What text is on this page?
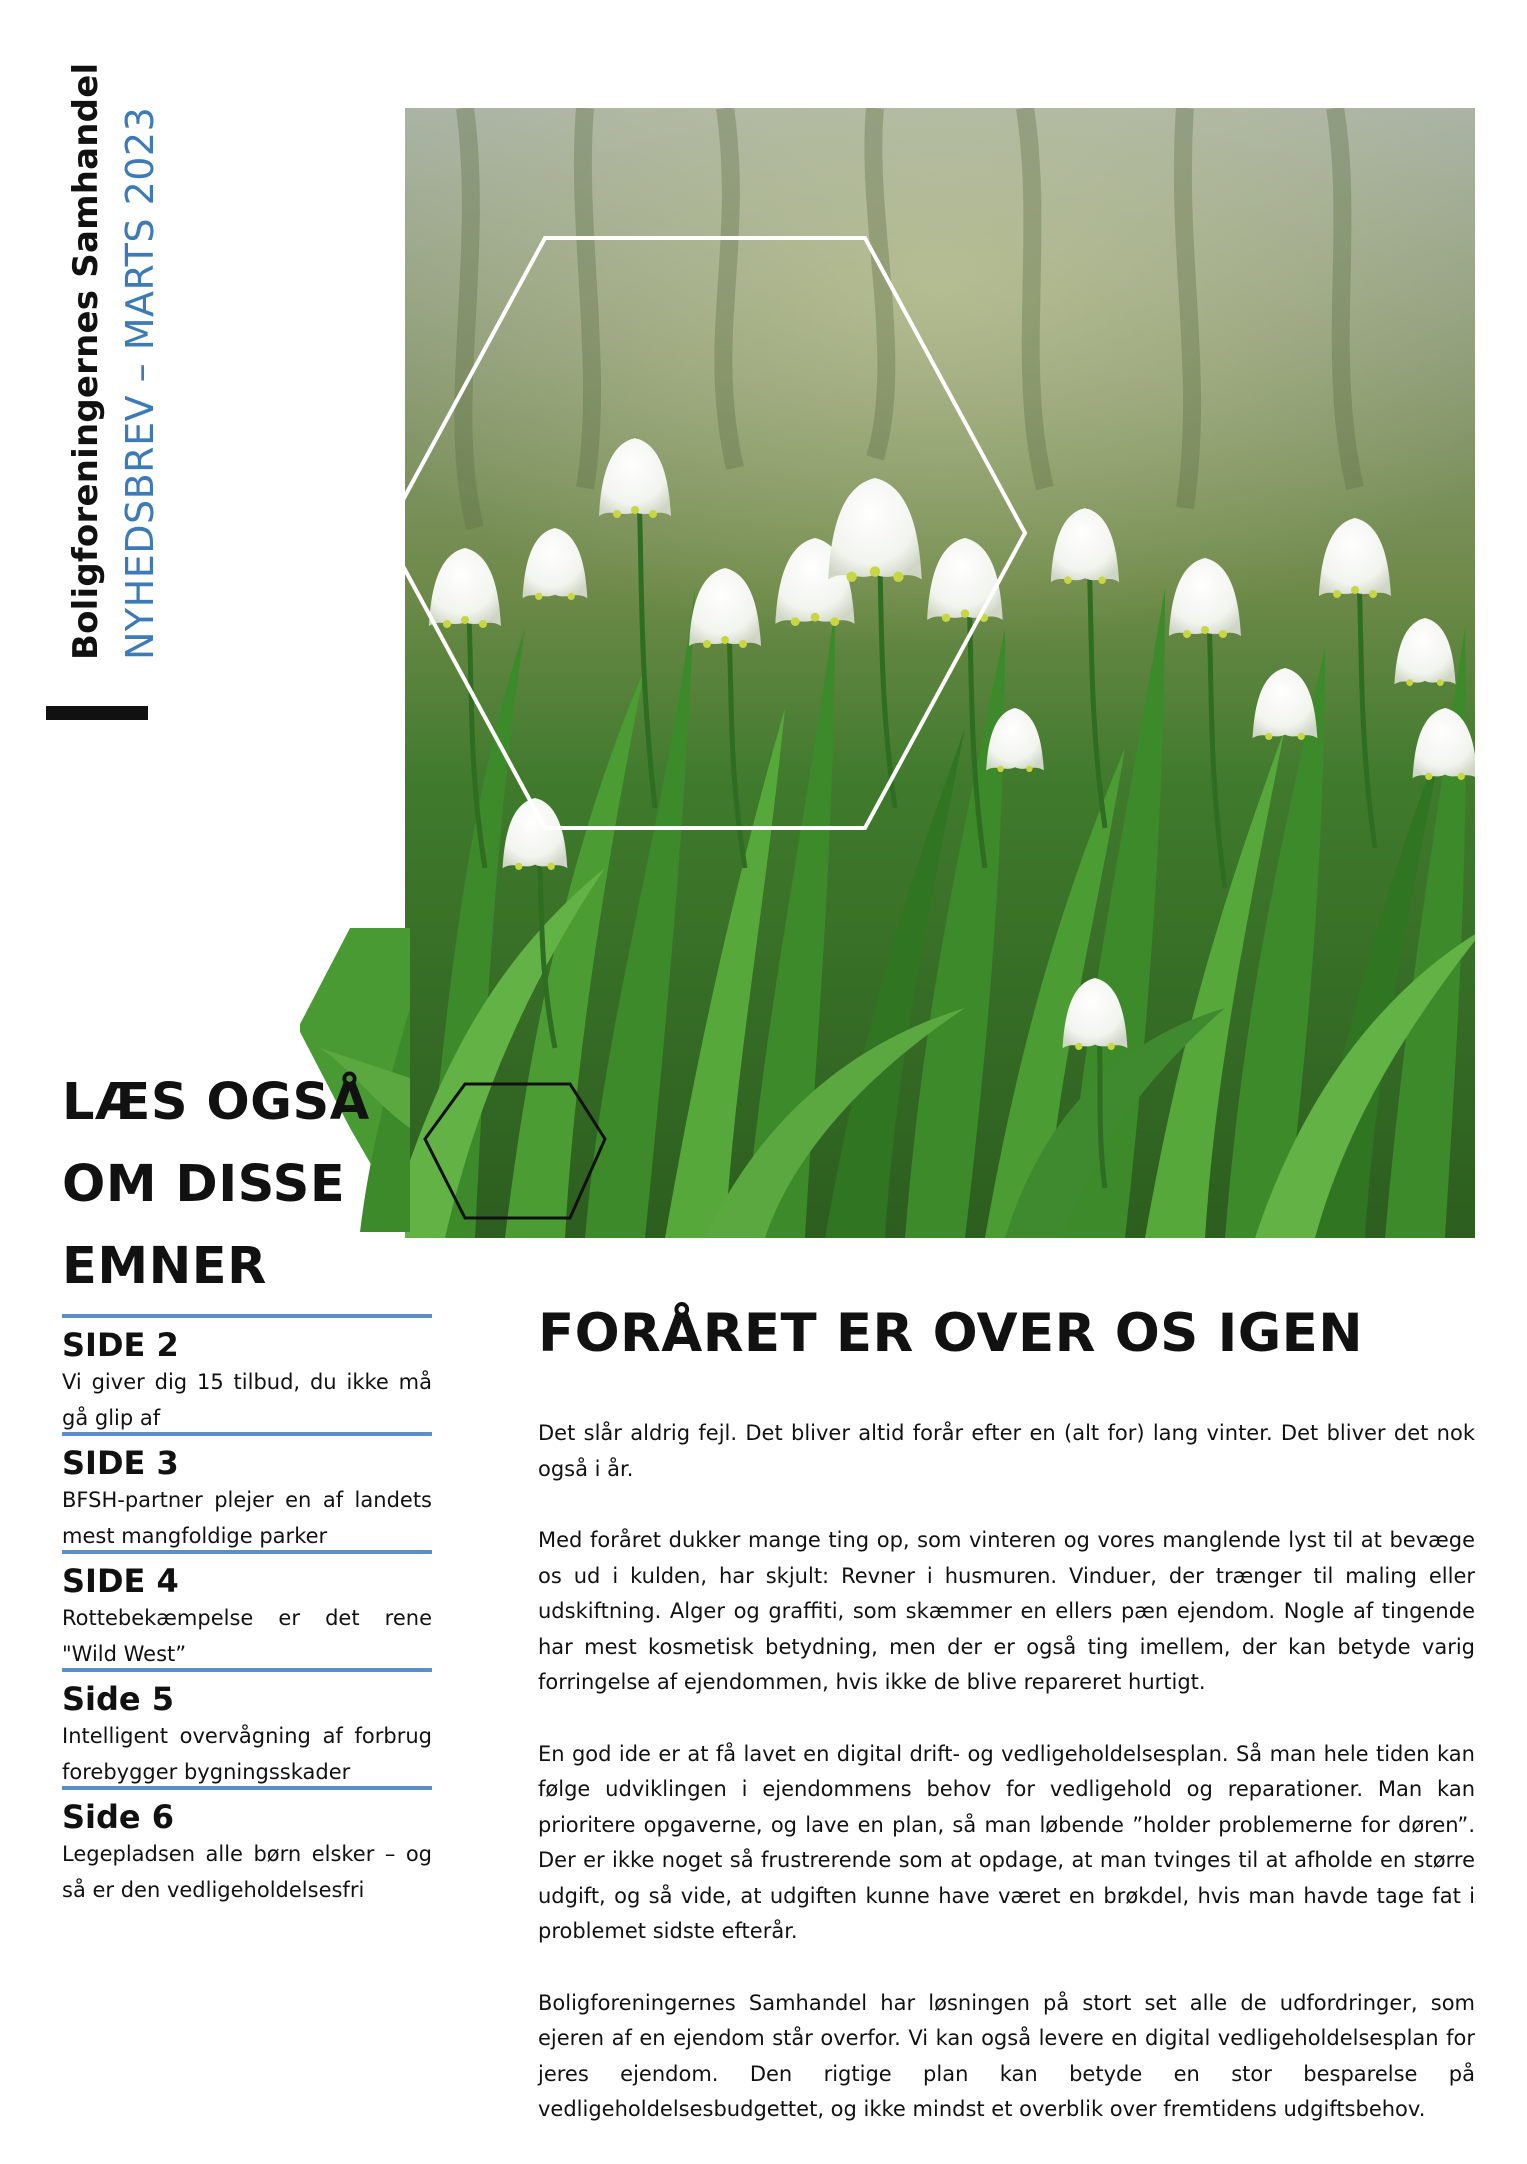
Boligforeningernes Samhandel NYHEDSBREV – MARTS 2023
LÆS OGSÅ
OM DISSE
EMNER
SIDE 2
Vi giver dig 15 tilbud, du ikke må gå glip af
SIDE 3
BFSH-partner plejer en af landets mest mangfoldige parker
SIDE 4
Rottebekæmpelse er det rene "Wild West”
Side 5
Intelligent overvågning af forbrug forebygger bygningsskader
Side 6
Legepladsen alle børn elsker – og så er den vedligeholdelsesfri
FORÅRET ER OVER OS IGEN

Det slår aldrig fejl. Det bliver altid forår efter en (alt for) lang vinter. Det bliver det nok også i år.

Med foråret dukker mange ting op, som vinteren og vores manglende lyst til at bevæge os ud i kulden, har skjult: Revner i husmuren. Vinduer, der trænger til maling eller udskiftning. Alger og graffiti, som skæmmer en ellers pæn ejendom. Nogle af tingende har mest kosmetisk betydning, men der er også ting imellem, der kan betyde varig forringelse af ejendommen, hvis ikke de blive repareret hurtigt.

En god ide er at få lavet en digital drift- og vedligeholdelsesplan. Så man hele tiden kan følge udviklingen i ejendommens behov for vedligehold og reparationer. Man kan prioritere opgaverne, og lave en plan, så man løbende ”holder problemerne for døren”. Der er ikke noget så frustrerende som at opdage, at man tvinges til at afholde en større udgift, og så vide, at udgiften kunne have været en brøkdel, hvis man havde tage fat i problemet sidste efterår.

Boligforeningernes Samhandel har løsningen på stort set alle de udfordringer, som ejeren af en ejendom står overfor. Vi kan også levere en digital vedligeholdelsesplan for jeres ejendom. Den rigtige plan kan betyde en stor besparelse på vedligeholdelsesbudgettet, og ikke mindst et overblik over fremtidens udgiftsbehov.
